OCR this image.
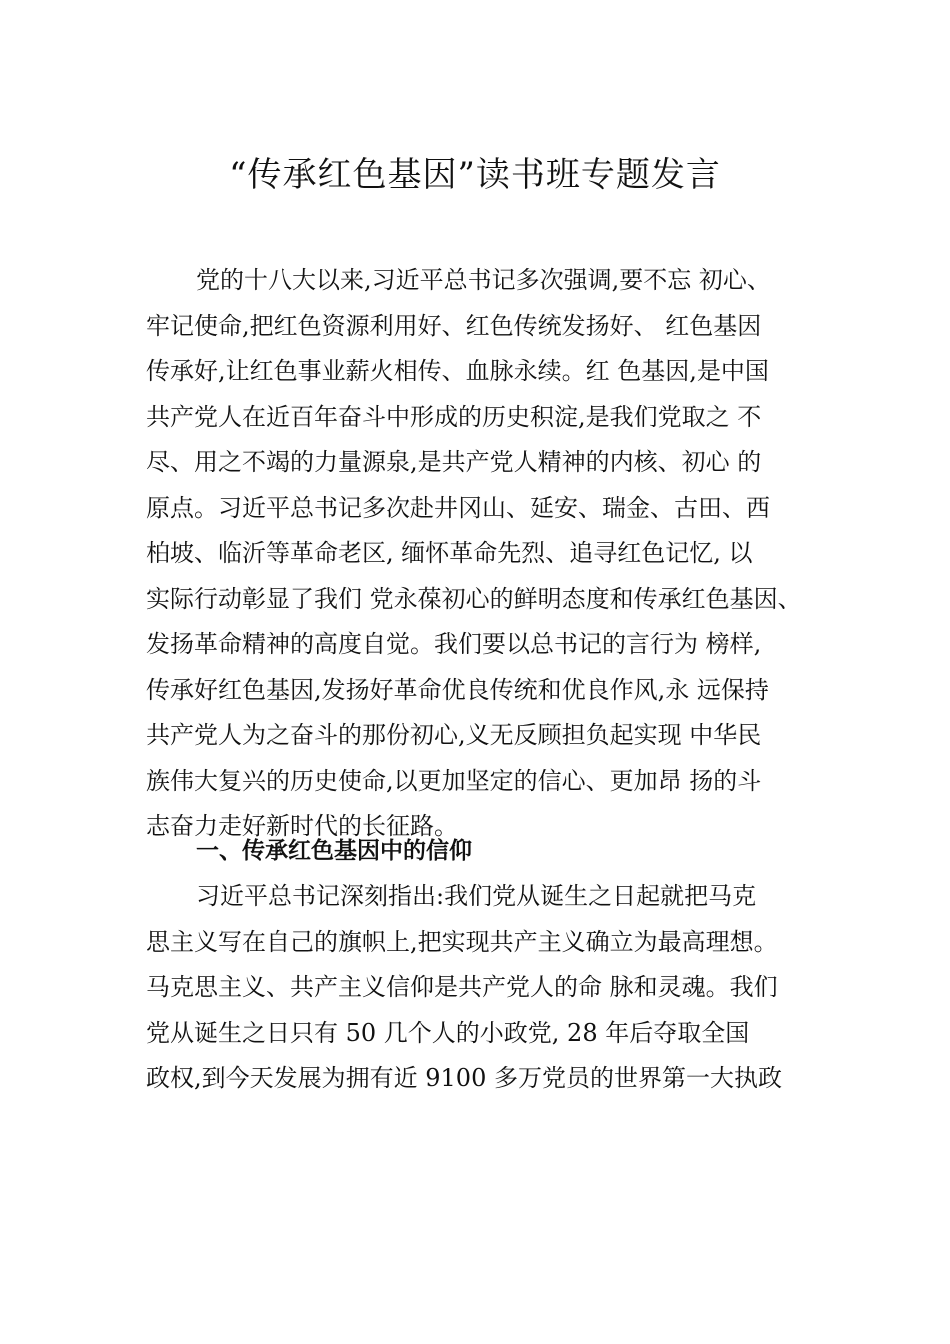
“传承红色基因”读书班专题发言
党的十八大以来,习近平总书记多次强调,要不忘 初心、
牢记使命,把红色资源利用好、红色传统发扬好、 红色基因
传承好,让红色事业薪火相传、血脉永续。红 色基因,是中国
共产党人在近百年奋斗中形成的历史积淀,是我们党取之 不
尽、用之不竭的力量源泉,是共产党人精神的内核、初心 的
原点。习近平总书记多次赴井冈山、延安、瑞金、古田、西
柏坡、临沂等革命老区, 缅怀革命先烈、追寻红色记忆, 以
实际行动彰显了我们 党永葆初心的鲜明态度和传承红色基因、
发扬革命精神的高度自觉。我们要以总书记的言行为 榜样,
传承好红色基因,发扬好革命优良传统和优良作风,永 远保持
共产党人为之奋斗的那份初心,义无反顾担负起实现 中华民
族伟大复兴的历史使命,以更加坚定的信心、更加昂 扬的斗
志奋力走好新时代的长征路。
一、传承红色基因中的信仰
习近平总书记深刻指出:我们党从诞生之日起就把马克
思主义写在自己的旗帜上,把实现共产主义确立为最高理想。
马克思主义、共产主义信仰是共产党人的命 脉和灵魂。我们
党从诞生之日只有 50 几个人的小政党, 28 年后夺取全国
政权,到今天发展为拥有近 9100 多万党员的世界第一大执政
